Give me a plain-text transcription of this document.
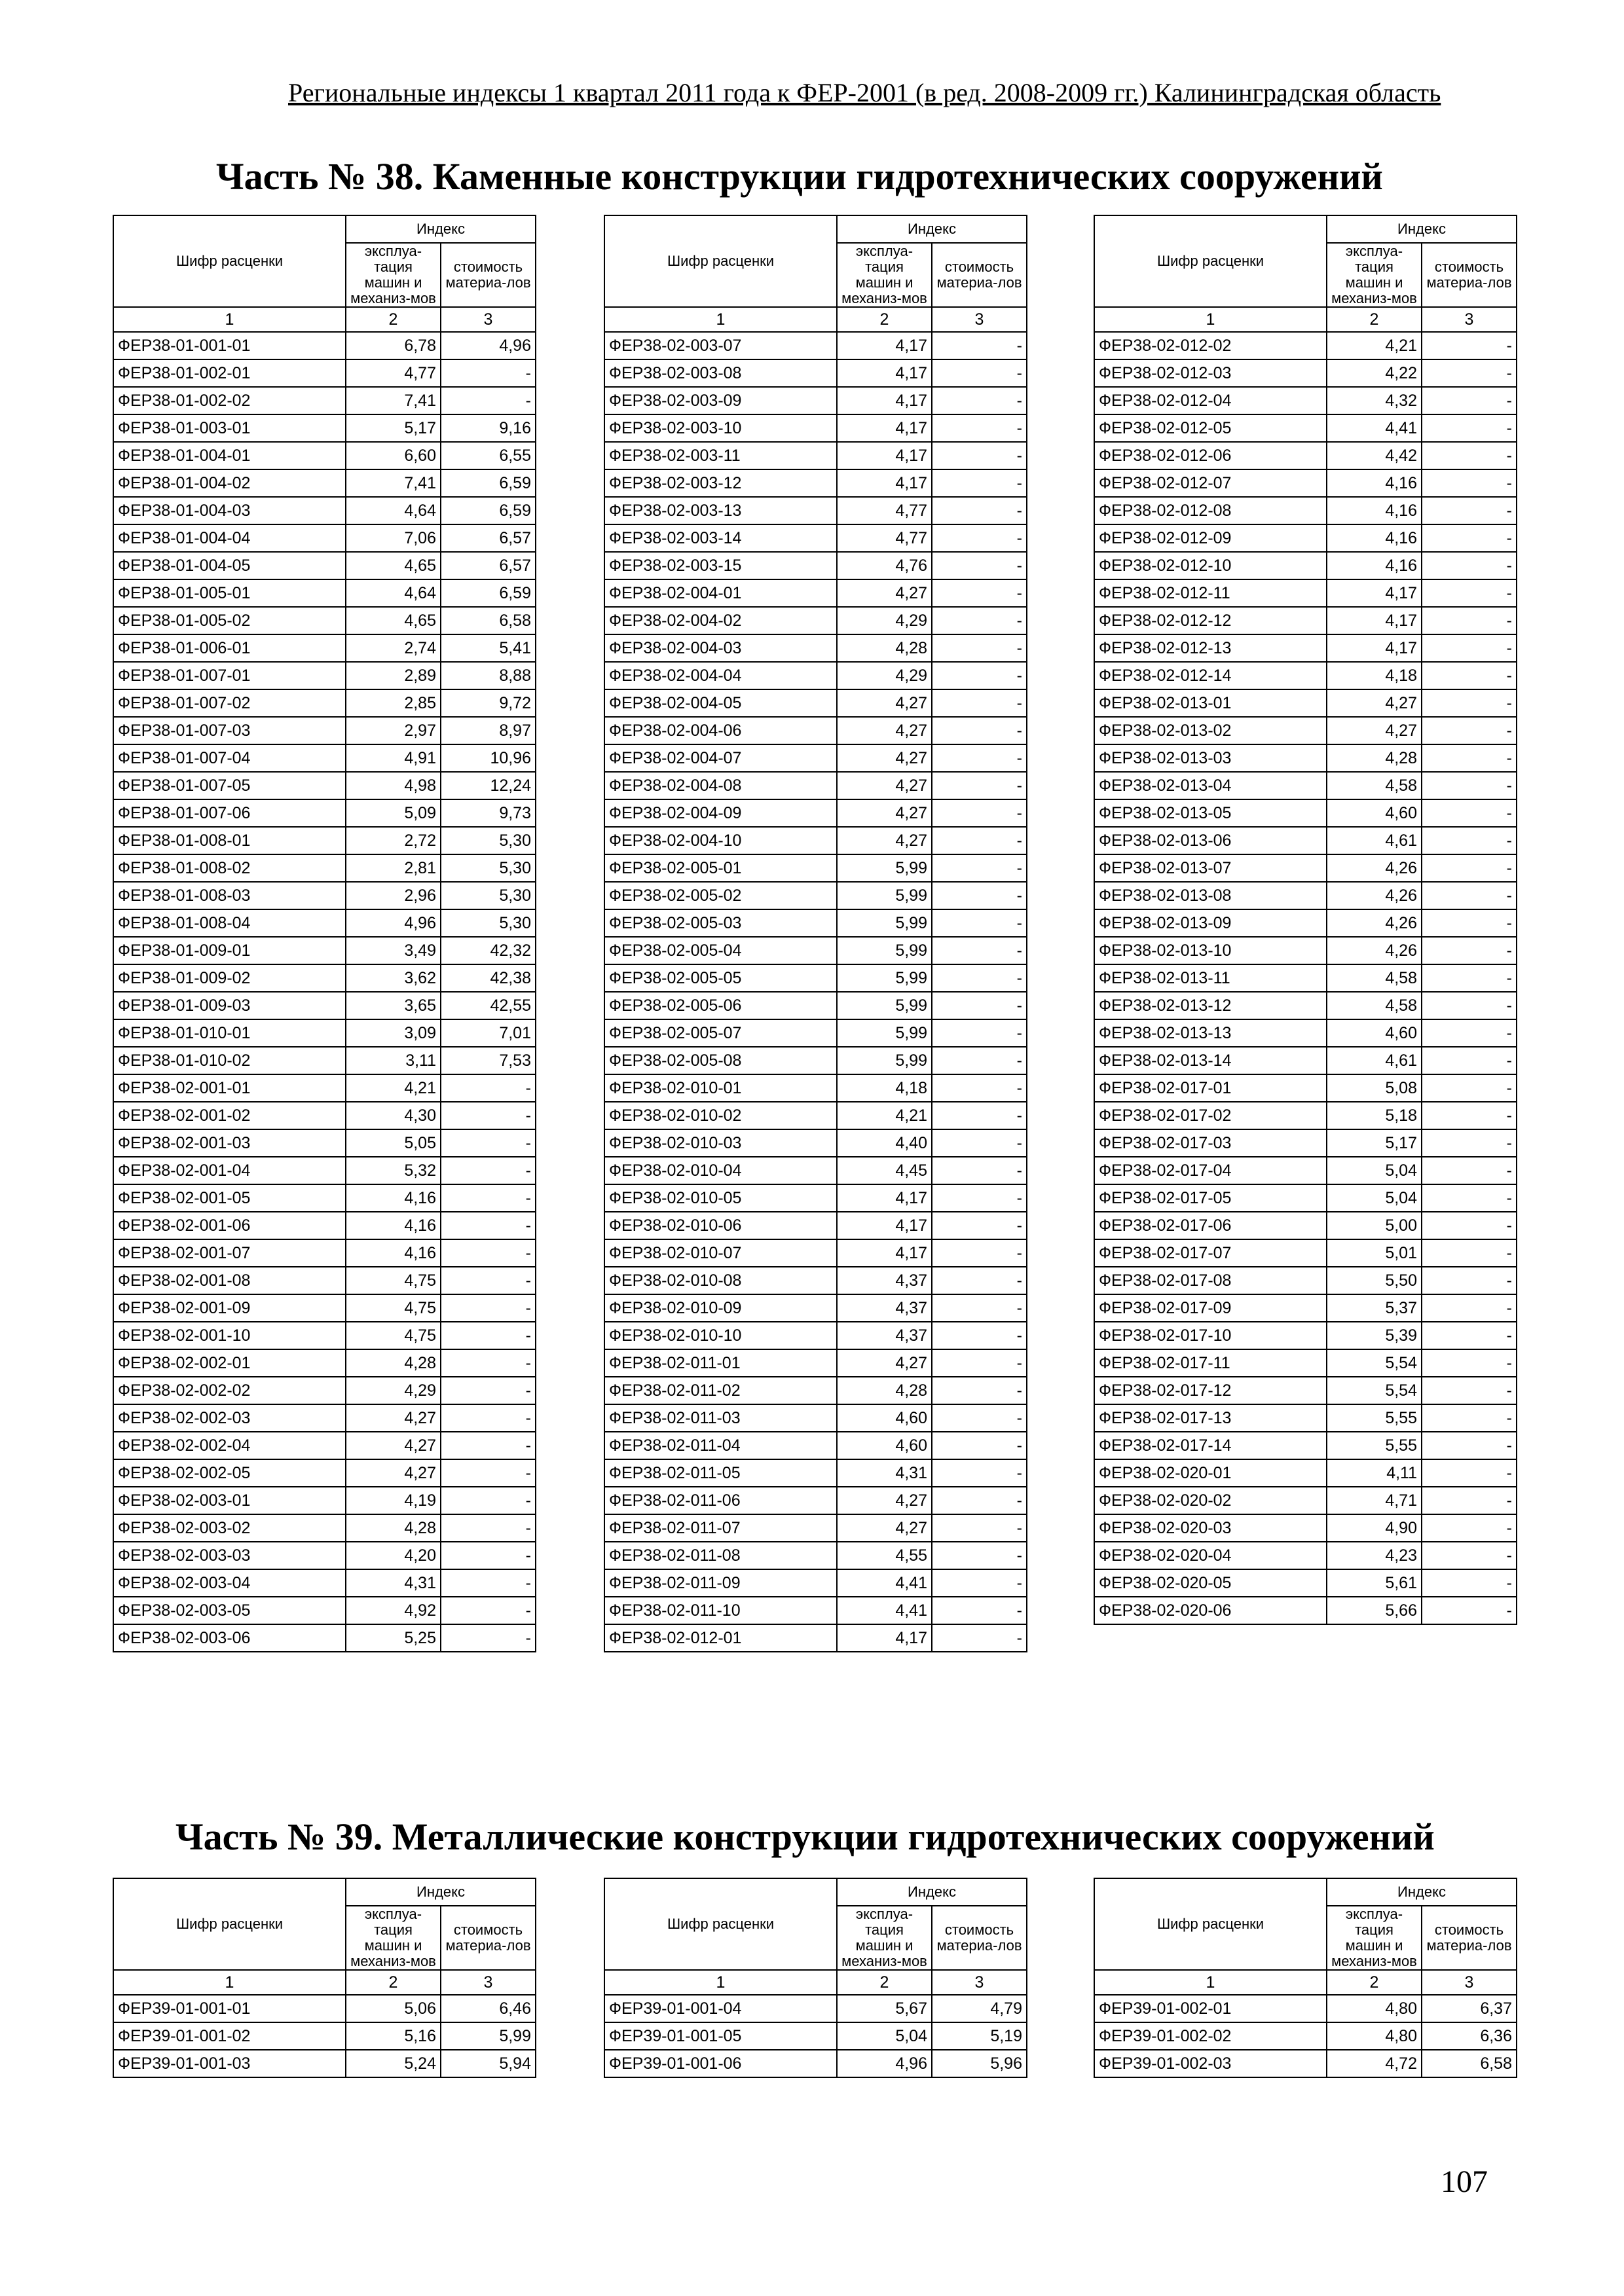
Региональные индексы 1 квартал 2011 года к ФЕР-2001 (в ред. 2008-2009 гг.) Калининградская область
Часть № 38. Каменные конструкции гидротехнических сооружений
Часть № 39. Металлические конструкции гидротехнических сооружений
Шифр расценки	Индекс	
	эксплуа-тация машин и механиз-мов	стоимость материа-лов
1	2	3
ФЕР38-01-001-01	6,78	4,96
ФЕР38-01-002-01	4,77	-
ФЕР38-01-002-02	7,41	-
ФЕР38-01-003-01	5,17	9,16
ФЕР38-01-004-01	6,60	6,55
ФЕР38-01-004-02	7,41	6,59
ФЕР38-01-004-03	4,64	6,59
ФЕР38-01-004-04	7,06	6,57
ФЕР38-01-004-05	4,65	6,57
ФЕР38-01-005-01	4,64	6,59
ФЕР38-01-005-02	4,65	6,58
ФЕР38-01-006-01	2,74	5,41
ФЕР38-01-007-01	2,89	8,88
ФЕР38-01-007-02	2,85	9,72
ФЕР38-01-007-03	2,97	8,97
ФЕР38-01-007-04	4,91	10,96
ФЕР38-01-007-05	4,98	12,24
ФЕР38-01-007-06	5,09	9,73
ФЕР38-01-008-01	2,72	5,30
ФЕР38-01-008-02	2,81	5,30
ФЕР38-01-008-03	2,96	5,30
ФЕР38-01-008-04	4,96	5,30
ФЕР38-01-009-01	3,49	42,32
ФЕР38-01-009-02	3,62	42,38
ФЕР38-01-009-03	3,65	42,55
ФЕР38-01-010-01	3,09	7,01
ФЕР38-01-010-02	3,11	7,53
ФЕР38-02-001-01	4,21	-
ФЕР38-02-001-02	4,30	-
ФЕР38-02-001-03	5,05	-
ФЕР38-02-001-04	5,32	-
ФЕР38-02-001-05	4,16	-
ФЕР38-02-001-06	4,16	-
ФЕР38-02-001-07	4,16	-
ФЕР38-02-001-08	4,75	-
ФЕР38-02-001-09	4,75	-
ФЕР38-02-001-10	4,75	-
ФЕР38-02-002-01	4,28	-
ФЕР38-02-002-02	4,29	-
ФЕР38-02-002-03	4,27	-
ФЕР38-02-002-04	4,27	-
ФЕР38-02-002-05	4,27	-
ФЕР38-02-003-01	4,19	-
ФЕР38-02-003-02	4,28	-
ФЕР38-02-003-03	4,20	-
ФЕР38-02-003-04	4,31	-
ФЕР38-02-003-05	4,92	-
ФЕР38-02-003-06	5,25	-
Шифр расценки	Индекс	
	эксплуа-тация машин и механиз-мов	стоимость материа-лов
1	2	3
ФЕР38-02-003-07	4,17	-
ФЕР38-02-003-08	4,17	-
ФЕР38-02-003-09	4,17	-
ФЕР38-02-003-10	4,17	-
ФЕР38-02-003-11	4,17	-
ФЕР38-02-003-12	4,17	-
ФЕР38-02-003-13	4,77	-
ФЕР38-02-003-14	4,77	-
ФЕР38-02-003-15	4,76	-
ФЕР38-02-004-01	4,27	-
ФЕР38-02-004-02	4,29	-
ФЕР38-02-004-03	4,28	-
ФЕР38-02-004-04	4,29	-
ФЕР38-02-004-05	4,27	-
ФЕР38-02-004-06	4,27	-
ФЕР38-02-004-07	4,27	-
ФЕР38-02-004-08	4,27	-
ФЕР38-02-004-09	4,27	-
ФЕР38-02-004-10	4,27	-
ФЕР38-02-005-01	5,99	-
ФЕР38-02-005-02	5,99	-
ФЕР38-02-005-03	5,99	-
ФЕР38-02-005-04	5,99	-
ФЕР38-02-005-05	5,99	-
ФЕР38-02-005-06	5,99	-
ФЕР38-02-005-07	5,99	-
ФЕР38-02-005-08	5,99	-
ФЕР38-02-010-01	4,18	-
ФЕР38-02-010-02	4,21	-
ФЕР38-02-010-03	4,40	-
ФЕР38-02-010-04	4,45	-
ФЕР38-02-010-05	4,17	-
ФЕР38-02-010-06	4,17	-
ФЕР38-02-010-07	4,17	-
ФЕР38-02-010-08	4,37	-
ФЕР38-02-010-09	4,37	-
ФЕР38-02-010-10	4,37	-
ФЕР38-02-011-01	4,27	-
ФЕР38-02-011-02	4,28	-
ФЕР38-02-011-03	4,60	-
ФЕР38-02-011-04	4,60	-
ФЕР38-02-011-05	4,31	-
ФЕР38-02-011-06	4,27	-
ФЕР38-02-011-07	4,27	-
ФЕР38-02-011-08	4,55	-
ФЕР38-02-011-09	4,41	-
ФЕР38-02-011-10	4,41	-
ФЕР38-02-012-01	4,17	-
Шифр расценки	Индекс	
	эксплуа-тация машин и механиз-мов	стоимость материа-лов
1	2	3
ФЕР38-02-012-02	4,21	-
ФЕР38-02-012-03	4,22	-
ФЕР38-02-012-04	4,32	-
ФЕР38-02-012-05	4,41	-
ФЕР38-02-012-06	4,42	-
ФЕР38-02-012-07	4,16	-
ФЕР38-02-012-08	4,16	-
ФЕР38-02-012-09	4,16	-
ФЕР38-02-012-10	4,16	-
ФЕР38-02-012-11	4,17	-
ФЕР38-02-012-12	4,17	-
ФЕР38-02-012-13	4,17	-
ФЕР38-02-012-14	4,18	-
ФЕР38-02-013-01	4,27	-
ФЕР38-02-013-02	4,27	-
ФЕР38-02-013-03	4,28	-
ФЕР38-02-013-04	4,58	-
ФЕР38-02-013-05	4,60	-
ФЕР38-02-013-06	4,61	-
ФЕР38-02-013-07	4,26	-
ФЕР38-02-013-08	4,26	-
ФЕР38-02-013-09	4,26	-
ФЕР38-02-013-10	4,26	-
ФЕР38-02-013-11	4,58	-
ФЕР38-02-013-12	4,58	-
ФЕР38-02-013-13	4,60	-
ФЕР38-02-013-14	4,61	-
ФЕР38-02-017-01	5,08	-
ФЕР38-02-017-02	5,18	-
ФЕР38-02-017-03	5,17	-
ФЕР38-02-017-04	5,04	-
ФЕР38-02-017-05	5,04	-
ФЕР38-02-017-06	5,00	-
ФЕР38-02-017-07	5,01	-
ФЕР38-02-017-08	5,50	-
ФЕР38-02-017-09	5,37	-
ФЕР38-02-017-10	5,39	-
ФЕР38-02-017-11	5,54	-
ФЕР38-02-017-12	5,54	-
ФЕР38-02-017-13	5,55	-
ФЕР38-02-017-14	5,55	-
ФЕР38-02-020-01	4,11	-
ФЕР38-02-020-02	4,71	-
ФЕР38-02-020-03	4,90	-
ФЕР38-02-020-04	4,23	-
ФЕР38-02-020-05	5,61	-
ФЕР38-02-020-06	5,66	-
Шифр расценки	Индекс	
	эксплуа-тация машин и механиз-мов	стоимость материа-лов
1	2	3
ФЕР39-01-001-01	5,06	6,46
ФЕР39-01-001-02	5,16	5,99
ФЕР39-01-001-03	5,24	5,94
Шифр расценки	Индекс	
	эксплуа-тация машин и механиз-мов	стоимость материа-лов
1	2	3
ФЕР39-01-001-04	5,67	4,79
ФЕР39-01-001-05	5,04	5,19
ФЕР39-01-001-06	4,96	5,96
Шифр расценки	Индекс	
	эксплуа-тация машин и механиз-мов	стоимость материа-лов
1	2	3
ФЕР39-01-002-01	4,80	6,37
ФЕР39-01-002-02	4,80	6,36
ФЕР39-01-002-03	4,72	6,58
107
